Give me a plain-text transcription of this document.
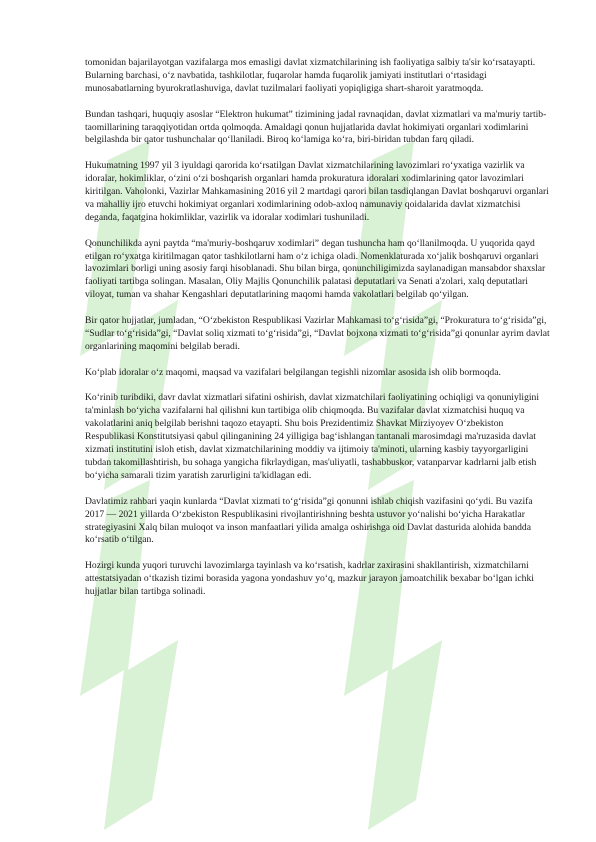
tomonidan bajarilayotgan vazifalarga mos emasligi davlat xizmatchilarining ish faoliyatiga salbiy ta'sir ko‘rsatayapti. Bularning barchasi, o‘z navbatida, tashkilotlar, fuqarolar hamda fuqarolik jamiyati institutlari o‘rtasidagi munosabatlarning byurokratlashuviga, davlat tuzilmalari faoliyati yopiqligiga shart-sharoit yaratmoqda.

Bundan tashqari, huquqiy asoslar “Elektron hukumat” tizimining jadal ravnaqidan, davlat xizmatlari va ma'muriy tartib-taomillarining taraqqiyotidan ortda qolmoqda. Amaldagi qonun hujjatlarida davlat hokimiyati organlari xodimlarini belgilashda bir qator tushunchalar qo‘llaniladi. Biroq ko‘lamiga ko‘ra, biri-biridan tubdan farq qiladi.

Hukumatning 1997 yil 3 iyuldagi qarorida ko‘rsatilgan Davlat xizmatchilarining lavozimlari ro‘yxatiga vazirlik va idoralar, hokimliklar, o‘zini o‘zi boshqarish organlari hamda prokuratura idoralari xodimlarining qator lavozimlari kiritilgan. Vaholonki, Vazirlar Mahkamasining 2016 yil 2 martdagi qarori bilan tasdiqlangan Davlat boshqaruvi organlari va mahalliy ijro etuvchi hokimiyat organlari xodimlarining odob-axloq namunaviy qoidalarida davlat xizmatchisi deganda, faqatgina hokimliklar, vazirlik va idoralar xodimlari tushuniladi.

Qonunchilikda ayni paytda “ma'muriy-boshqaruv xodimlari” degan tushuncha ham qo‘llanilmoqda. U yuqorida qayd etilgan ro‘yxatga kiritilmagan qator tashkilotlarni ham o‘z ichiga oladi. Nomenklaturada xo‘jalik boshqaruvi organlari lavozimlari borligi uning asosiy farqi hisoblanadi. Shu bilan birga, qonunchiligimizda saylanadigan mansabdor shaxslar faoliyati tartibga solingan. Masalan, Oliy Majlis Qonunchilik palatasi deputatlari va Senati a'zolari, xalq deputatlari viloyat, tuman va shahar Kengashlari deputatlarining maqomi hamda vakolatlari belgilab qo‘yilgan.

Bir qator hujjatlar, jumladan, “O‘zbekiston Respublikasi Vazirlar Mahkamasi to‘g‘risida”gi, “Prokuratura to‘g‘risida”gi, “Sudlar to‘g‘risida”gi, “Davlat soliq xizmati to‘g‘risida”gi, “Davlat bojxona xizmati to‘g‘risida”gi qonunlar ayrim davlat organlarining maqomini belgilab beradi.

Ko‘plab idoralar o‘z maqomi, maqsad va vazifalari belgilangan tegishli nizomlar asosida ish olib bormoqda.

Ko‘rinib turibdiki, davr davlat xizmatlari sifatini oshirish, davlat xizmatchilari faoliyatining ochiqligi va qonuniyligini ta'minlash bo‘yicha vazifalarni hal qilishni kun tartibiga olib chiqmoqda. Bu vazifalar davlat xizmatchisi huquq va vakolatlarini aniq belgilab berishni taqozo etayapti. Shu bois Prezidentimiz Shavkat Mirziyoyev O‘zbekiston Respublikasi Konstitutsiyasi qabul qilinganining 24 yilligiga bag‘ishlangan tantanali marosimdagi ma'ruzasida davlat xizmati institutini isloh etish, davlat xizmatchilarining moddiy va ijtimoiy ta'minoti, ularning kasbiy tayyorgarligini tubdan takomillashtirish, bu sohaga yangicha fikrlaydigan, mas'uliyatli, tashabbuskor, vatanparvar kadrlarni jalb etish bo‘yicha samarali tizim yaratish zarurligini ta'kidlagan edi.

Davlatimiz rahbari yaqin kunlarda “Davlat xizmati to‘g‘risida”gi qonunni ishlab chiqish vazifasini qo‘ydi. Bu vazifa 2017 — 2021 yillarda O‘zbekiston Respublikasini rivojlantirishning beshta ustuvor yo‘nalishi bo‘yicha Harakatlar strategiyasini Xalq bilan muloqot va inson manfaatlari yilida amalga oshirishga oid Davlat dasturida alohida bandda ko‘rsatib o‘tilgan.

Hozirgi kunda yuqori turuvchi lavozimlarga tayinlash va ko‘rsatish, kadrlar zaxirasini shakllantirish, xizmatchilarni attestatsiyadan o‘tkazish tizimi borasida yagona yondashuv yo‘q, mazkur jarayon jamoatchilik bexabar bo‘lgan ichki hujjatlar bilan tartibga solinadi.
